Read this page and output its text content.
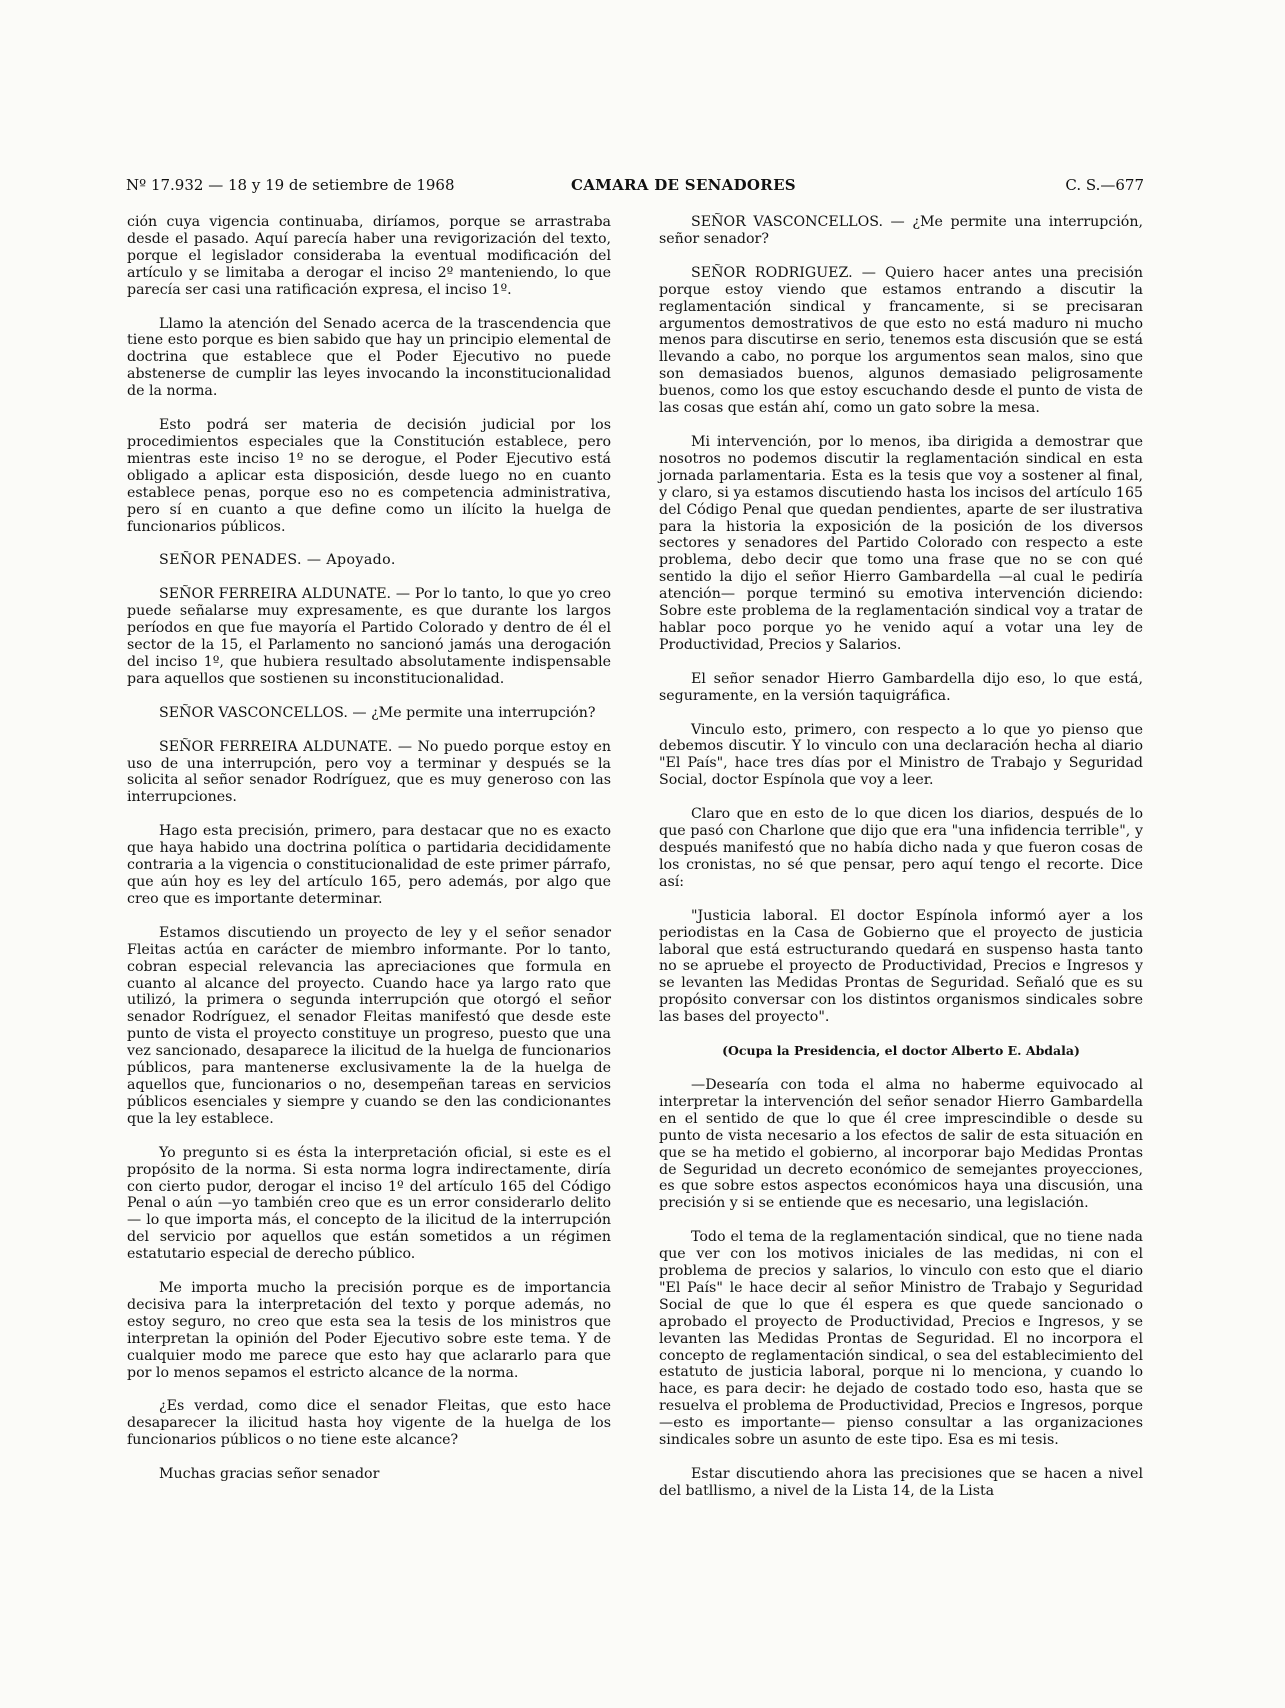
Nº 17.932 — 18 y 19 de setiembre de 1968	CAMARA DE SENADORES	C. S.—677

ción cuya vigencia continuaba, diríamos, porque se arrastraba desde el pasado. Aquí parecía haber una revigorización del texto, porque el legislador consideraba la eventual modificación del artículo y se limitaba a derogar el inciso 2º manteniendo, lo que parecía ser casi una ratificación expresa, el inciso 1º.

Llamo la atención del Senado acerca de la trascendencia que tiene esto porque es bien sabido que hay un principio elemental de doctrina que establece que el Poder Ejecutivo no puede abstenerse de cumplir las leyes invocando la inconstitucionalidad de la norma.

Esto podrá ser materia de decisión judicial por los procedimientos especiales que la Constitución establece, pero mientras este inciso 1º no se derogue, el Poder Ejecutivo está obligado a aplicar esta disposición, desde luego no en cuanto establece penas, porque eso no es competencia administrativa, pero sí en cuanto a que define como un ilícito la huelga de funcionarios públicos.

SEÑOR PENADES. — Apoyado.

SEÑOR FERREIRA ALDUNATE. — Por lo tanto, lo que yo creo puede señalarse muy expresamente, es que durante los largos períodos en que fue mayoría el Partido Colorado y dentro de él el sector de la 15, el Parlamento no sancionó jamás una derogación del inciso 1º, que hubiera resultado absolutamente indispensable para aquellos que sostienen su inconstitucionalidad.

SEÑOR VASCONCELLOS. — ¿Me permite una interrupción?

SEÑOR FERREIRA ALDUNATE. — No puedo porque estoy en uso de una interrupción, pero voy a terminar y después se la solicita al señor senador Rodríguez, que es muy generoso con las interrupciones.

Hago esta precisión, primero, para destacar que no es exacto que haya habido una doctrina política o partidaria decididamente contraria a la vigencia o constitucionalidad de este primer párrafo, que aún hoy es ley del artículo 165, pero además, por algo que creo que es importante determinar.

Estamos discutiendo un proyecto de ley y el señor senador Fleitas actúa en carácter de miembro informante. Por lo tanto, cobran especial relevancia las apreciaciones que formula en cuanto al alcance del proyecto. Cuando hace ya largo rato que utilizó, la primera o segunda interrupción que otorgó el señor senador Rodríguez, el senador Fleitas manifestó que desde este punto de vista el proyecto constituye un progreso, puesto que una vez sancionado, desaparece la ilicitud de la huelga de funcionarios públicos, para mantenerse exclusivamente la de la huelga de aquellos que, funcionarios o no, desempeñan tareas en servicios públicos esenciales y siempre y cuando se den las condicionantes que la ley establece.

Yo pregunto si es ésta la interpretación oficial, si este es el propósito de la norma. Si esta norma logra indirectamente, diría con cierto pudor, derogar el inciso 1º del artículo 165 del Código Penal o aún —yo también creo que es un error considerarlo delito— lo que importa más, el concepto de la ilicitud de la interrupción del servicio por aquellos que están sometidos a un régimen estatutario especial de derecho público.

Me importa mucho la precisión porque es de importancia decisiva para la interpretación del texto y porque además, no estoy seguro, no creo que esta sea la tesis de los ministros que interpretan la opinión del Poder Ejecutivo sobre este tema. Y de cualquier modo me parece que esto hay que aclararlo para que por lo menos sepamos el estricto alcance de la norma.

¿Es verdad, como dice el senador Fleitas, que esto hace desaparecer la ilicitud hasta hoy vigente de la huelga de los funcionarios públicos o no tiene este alcance?

Muchas gracias señor senador

SEÑOR VASCONCELLOS. — ¿Me permite una interrupción, señor senador?

SEÑOR RODRIGUEZ. — Quiero hacer antes una precisión porque estoy viendo que estamos entrando a discutir la reglamentación sindical y francamente, si se precisaran argumentos demostrativos de que esto no está maduro ni mucho menos para discutirse en serio, tenemos esta discusión que se está llevando a cabo, no porque los argumentos sean malos, sino que son demasiados buenos, algunos demasiado peligrosamente buenos, como los que estoy escuchando desde el punto de vista de las cosas que están ahí, como un gato sobre la mesa.

Mi intervención, por lo menos, iba dirigida a demostrar que nosotros no podemos discutir la reglamentación sindical en esta jornada parlamentaria. Esta es la tesis que voy a sostener al final, y claro, si ya estamos discutiendo hasta los incisos del artículo 165 del Código Penal que quedan pendientes, aparte de ser ilustrativa para la historia la exposición de la posición de los diversos sectores y senadores del Partido Colorado con respecto a este problema, debo decir que tomo una frase que no se con qué sentido la dijo el señor Hierro Gambardella —al cual le pediría atención— porque terminó su emotiva intervención diciendo: Sobre este problema de la reglamentación sindical voy a tratar de hablar poco porque yo he venido aquí a votar una ley de Productividad, Precios y Salarios.

El señor senador Hierro Gambardella dijo eso, lo que está, seguramente, en la versión taquigráfica.

Vinculo esto, primero, con respecto a lo que yo pienso que debemos discutir. Y lo vinculo con una declaración hecha al diario "El País", hace tres días por el Ministro de Trabajo y Seguridad Social, doctor Espínola que voy a leer.

Claro que en esto de lo que dicen los diarios, después de lo que pasó con Charlone que dijo que era "una infidencia terrible", y después manifestó que no había dicho nada y que fueron cosas de los cronistas, no sé que pensar, pero aquí tengo el recorte. Dice así:

"Justicia laboral. El doctor Espínola informó ayer a los periodistas en la Casa de Gobierno que el proyecto de justicia laboral que está estructurando quedará en suspenso hasta tanto no se apruebe el proyecto de Productividad, Precios e Ingresos y se levanten las Medidas Prontas de Seguridad. Señaló que es su propósito conversar con los distintos organismos sindicales sobre las bases del proyecto".

(Ocupa la Presidencia, el doctor Alberto E. Abdala)

—Desearía con toda el alma no haberme equivocado al interpretar la intervención del señor senador Hierro Gambardella en el sentido de que lo que él cree imprescindible o desde su punto de vista necesario a los efectos de salir de esta situación en que se ha metido el gobierno, al incorporar bajo Medidas Prontas de Seguridad un decreto económico de semejantes proyecciones, es que sobre estos aspectos económicos haya una discusión, una precisión y si se entiende que es necesario, una legislación.

Todo el tema de la reglamentación sindical, que no tiene nada que ver con los motivos iniciales de las medidas, ni con el problema de precios y salarios, lo vinculo con esto que el diario "El País" le hace decir al señor Ministro de Trabajo y Seguridad Social de que lo que él espera es que quede sancionado o aprobado el proyecto de Productividad, Precios e Ingresos, y se levanten las Medidas Prontas de Seguridad. El no incorpora el concepto de reglamentación sindical, o sea del establecimiento del estatuto de justicia laboral, porque ni lo menciona, y cuando lo hace, es para decir: he dejado de costado todo eso, hasta que se resuelva el problema de Productividad, Precios e Ingresos, porque —esto es importante— pienso consultar a las organizaciones sindicales sobre un asunto de este tipo. Esa es mi tesis.

Estar discutiendo ahora las precisiones que se hacen a nivel del batllismo, a nivel de la Lista 14, de la Lista
